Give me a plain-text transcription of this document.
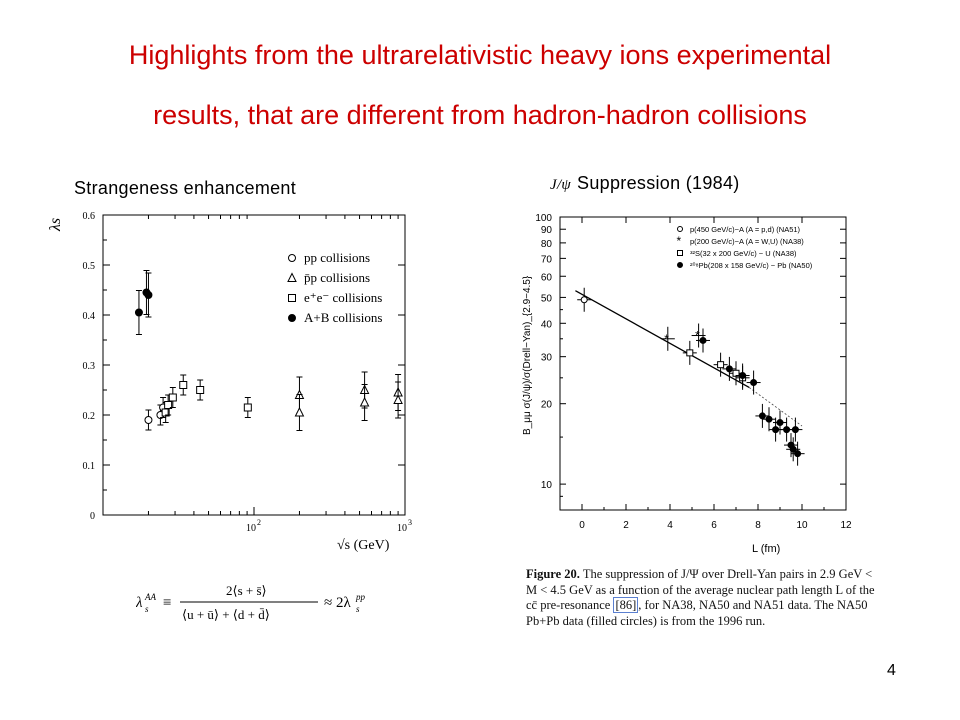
Highlights from the ultrarelativistic heavy ions experimental
results, that are different from hadron-hadron collisions
Strangeness enhancement	J/ψ Suppression (1984)
0
0.1
0.2
0.3
0.4
0.5
0.6
10
2
10
3
√s (GeV)
λs
pp collisions
p̄p collisions
e⁺e⁻ collisions
A+B collisions
10
20
30
40
50
60
70
80
90
100
0	2	4	6	8	10	12
L (fm)
B_μμ σ(J/ψ)/σ(Drell−Yan)_{2.9−4.5}	* *
p(450 GeV/c)−A (A = p,d) (NA51)
* p(200 GeV/c)−A (A = W,U) (NA38)
³²S(32 x 200 GeV/c) − U (NA38)
²⁰⁸Pb(208 x 158 GeV/c) − Pb (NA50)
λ AA
s ≡
2⟨s + s̄⟩
⟨u + ū⟩ + ⟨d + d̄⟩
≈ 2λ pp
s
Figure 20. The suppression of J/Ψ over Drell-Yan pairs in 2.9 GeV < M < 4.5 GeV as a function of the average nuclear path length L of the cc̄ pre-resonance [86] , for NA38, NA50 and NA51 data. The NA50 Pb+Pb data (filled circles) is from the 1996 run.
4
